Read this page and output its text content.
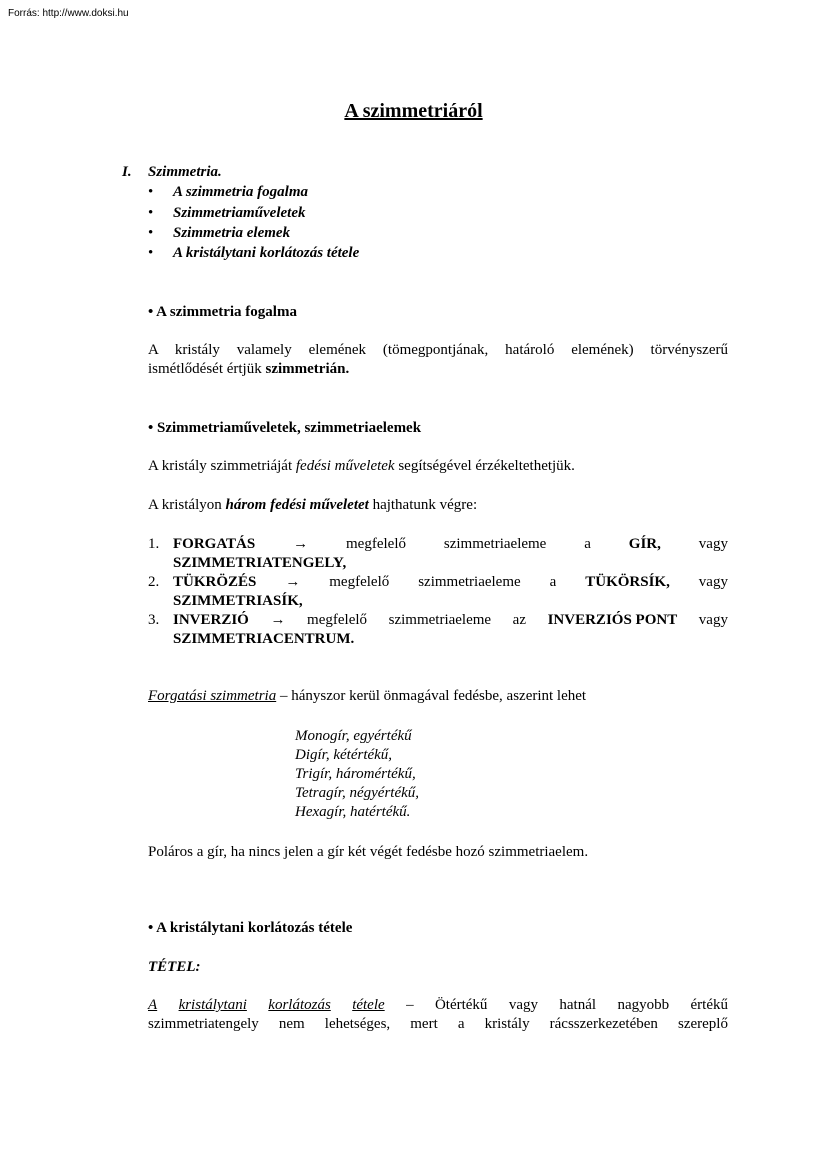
Forrás: http://www.doksi.hu
A szimmetriáról
I. Szimmetria.
• A szimmetria fogalma
• Szimmetriaműveletek
• Szimmetria elemek
• A kristálytani korlátozás tétele
• A szimmetria fogalma
A kristály valamely elemének (tömegpontjának, határoló elemének) törvényszerű
ismétlődését értjük szimmetrián.
• Szimmetriaműveletek, szimmetriaelemek
A kristály szimmetriáját fedési műveletek segítségével érzékeltethetjük.
A kristályon három fedési műveletet hajthatunk végre:
1. FORGATÁS	→	megfelelő	szimmetriaeleme	a	GÍR,	vagy
SZIMMETRIATENGELY,
2. TÜKRÖZÉS → megfelelő szimmetriaeleme a TÜKÖRSÍK, vagy
SZIMMETRIASÍK,
3. INVERZIÓ → megfelelő szimmetriaeleme az INVERZIÓS PONT vagy
SZIMMETRIACENTRUM.
Forgatási szimmetria – hányszor kerül önmagával fedésbe, aszerint lehet
Monogír, egyértékű
Digír, kétértékű,
Trigír, háromértékű,
Tetragír, négyértékű,
Hexagír, hatértékű.
Poláros a gír, ha nincs jelen a gír két végét fedésbe hozó szimmetriaelem.
• A kristálytani korlátozás tétele
TÉTEL:
A kristálytani korlátozás tétele – Ötértékű vagy hatnál nagyobb értékű
szimmetriatengely nem lehetséges, mert a kristály rácsszerkezetében szereplő
